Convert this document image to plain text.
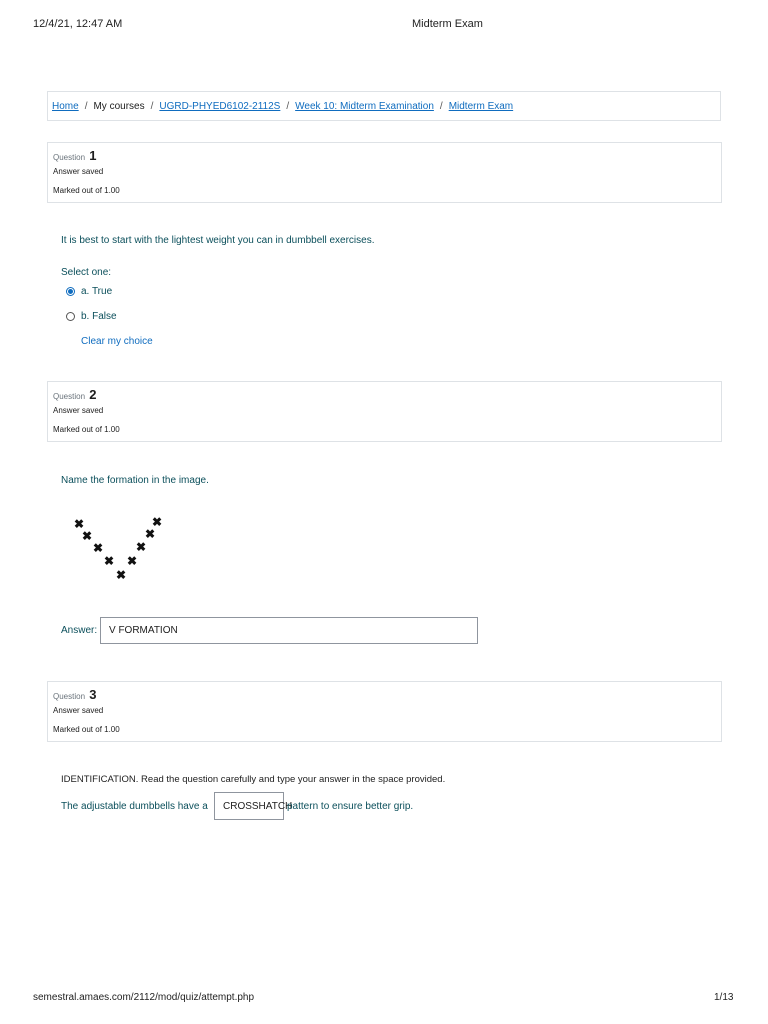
12/4/21, 12:47 AM	Midterm Exam
Home / My courses / UGRD-PHYED6102-2112S / Week 10: Midterm Examination / Midterm Exam
Question 1
Answer saved
Marked out of 1.00
It is best to start with the lightest weight you can in dumbbell exercises.
Select one:
a. True
b. False
Clear my choice
Question 2
Answer saved
Marked out of 1.00
Name the formation in the image.
✖
✖
✖
✖
✖
✖
✖
✖
✖
Answer:	V FORMATION
Question 3
Answer saved
Marked out of 1.00
IDENTIFICATION. Read the question carefully and type your answer in the space provided.
The adjustable dumbbells have a	CROSSHATCH
pattern to ensure better grip.
semestral.amaes.com/2112/mod/quiz/attempt.php	1/13
